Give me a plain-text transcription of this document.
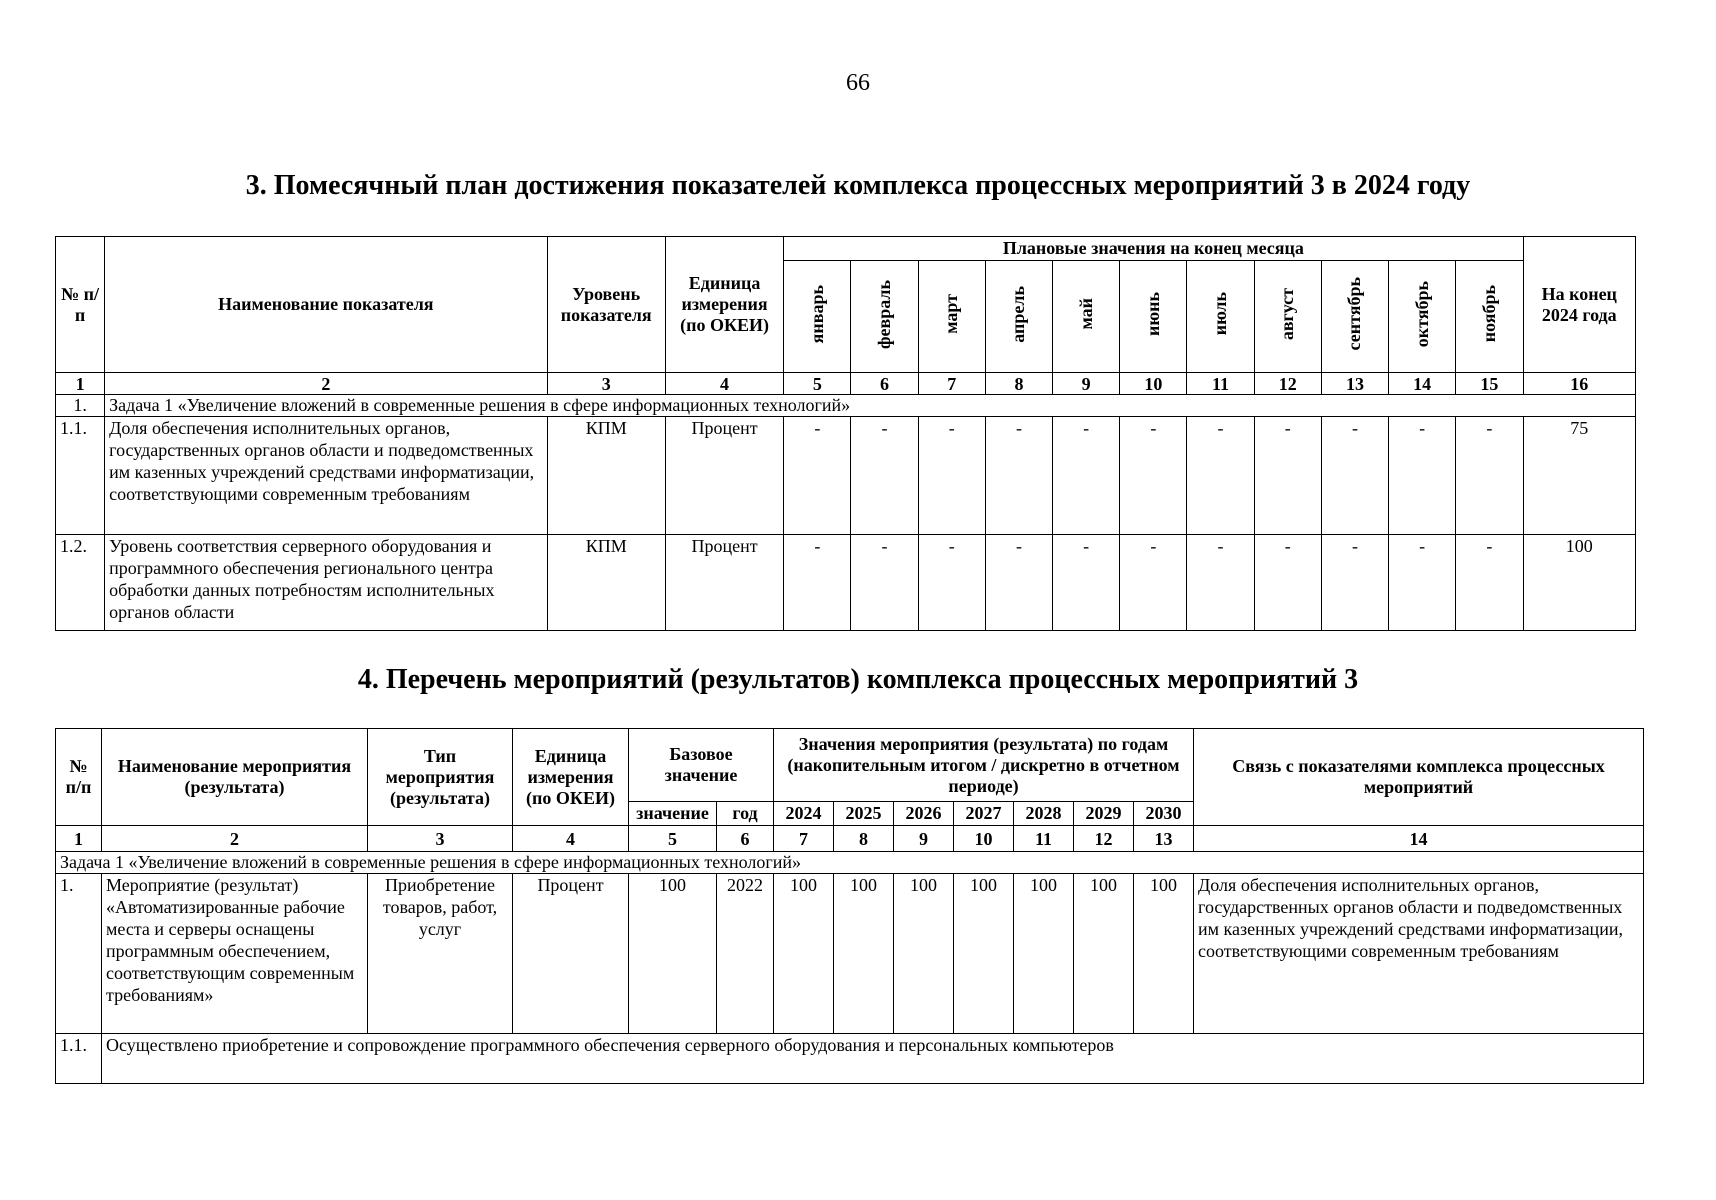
66
3. Помесячный план достижения показателей комплекса процессных мероприятий 3 в 2024 году
№ п/п	Наименование показателя	Уровень показателя	Единица измерения (по ОКЕИ)	Плановые значения на конец месяца											На конец 2024 года
				январь	февраль	март	апрель	май	июнь	июль	август	сентябрь	октябрь	ноябрь	
1	2	3	4	5	6	7	8	9	10	11	12	13	14	15	16
1.	Задача 1 «Увеличение вложений в современные решения в сфере информационных технологий»														
1.1.	Доля обеспечения исполнительных органов, государственных органов области и подведомственных им казенных учреждений средствами информатизации, соответствующими современным требованиям	КПМ	Процент	-	-	-	-	-	-	-	-	-	-	-	75
1.2.	Уровень соответствия серверного оборудования и программного обеспечения регионального центра обработки данных потребностям исполнительных органов области	КПМ	Процент	-	-	-	-	-	-	-	-	-	-	-	100
4. Перечень мероприятий (результатов) комплекса процессных мероприятий 3
№ п/п	Наименование мероприятия (результата)	Тип мероприятия (результата)	Единица измерения (по ОКЕИ)	Базовое значение		Значения мероприятия (результата) по годам (накопительным итогом / дискретно в отчетном периоде)							Связь с показателями комплекса процессных мероприятий
				значение	год	2024	2025	2026	2027	2028	2029	2030	
1	2	3	4	5	6	7	8	9	10	11	12	13	14
Задача 1 «Увеличение вложений в современные решения в сфере информационных технологий»													
1.	Мероприятие (результат) «Автоматизированные рабочие места и серверы оснащены программным обеспечением, соответствующим современным требованиям»	Приобретение товаров, работ, услуг	Процент	100	2022	100	100	100	100	100	100	100	Доля обеспечения исполнительных органов, государственных органов области и подведомственных им казенных учреждений средствами информатизации, соответствующими современным требованиям
1.1.	Осуществлено приобретение и сопровождение программного обеспечения серверного оборудования и персональных компьютеров												
